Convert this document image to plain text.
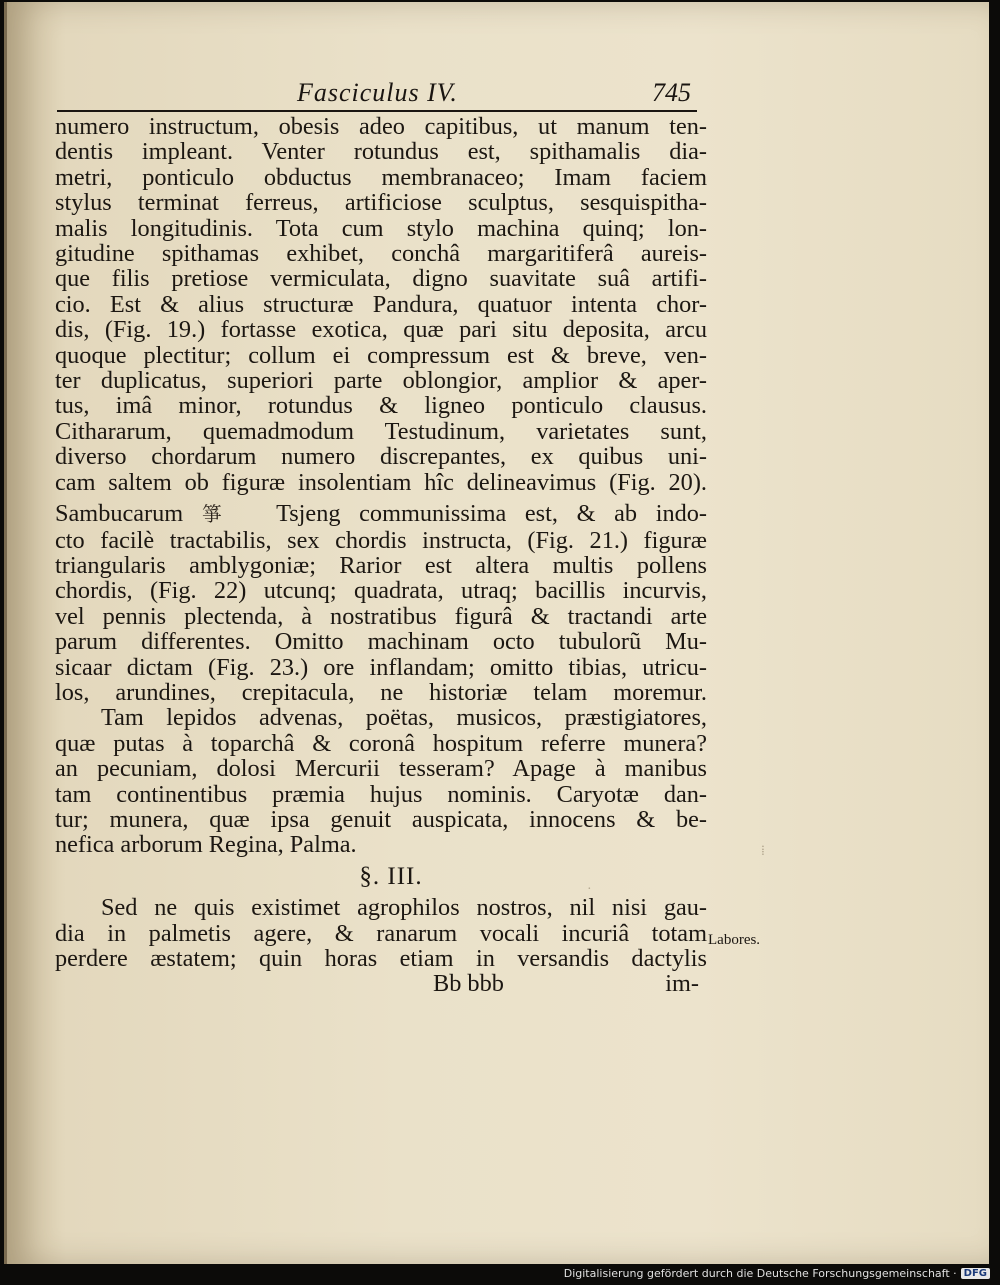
Fasciculus IV.	745
numero instructum, obesis adeo capitibus, ut manum ten-
dentis impleant. Venter rotundus est, spithamalis dia-
metri, ponticulo obductus membranaceo; Imam faciem
stylus terminat ferreus, artificiose sculptus, sesquispitha-
malis longitudinis. Tota cum stylo machina quinq; lon-
gitudine spithamas exhibet, conchâ margaritiferâ aureis-
que filis pretiose vermiculata, digno suavitate suâ artifi-
cio. Est & alius structuræ Pandura, quatuor intenta chor-
dis, (Fig. 19.) fortasse exotica, quæ pari situ deposita, arcu
quoque plectitur; collum ei compressum est & breve, ven-
ter duplicatus, superiori parte oblongior, amplior & aper-
tus, imâ minor, rotundus & ligneo ponticulo clausus.
Cithararum, quemadmodum Testudinum, varietates sunt,
diverso chordarum numero discrepantes, ex quibus uni-
cam saltem ob figuræ insolentiam hîc delineavimus (Fig. 20).
Sambucarum 箏 Tsjeng communissima est, & ab indo-
cto facilè tractabilis, sex chordis instructa, (Fig. 21.) figuræ
triangularis amblygoniæ; Rarior est altera multis pollens
chordis, (Fig. 22) utcunq; quadrata, utraq; bacillis incurvis,
vel pennis plectenda, à nostratibus figurâ & tractandi arte
parum differentes. Omitto machinam octo tubulorũ Mu-
sicaar dictam (Fig. 23.) ore inflandam; omitto tibias, utricu-
los, arundines, crepitacula, ne historiæ telam moremur.
Tam lepidos advenas, poëtas, musicos, præstigiatores,
quæ putas à toparchâ & coronâ hospitum referre munera?
an pecuniam, dolosi Mercurii tesseram? Apage à manibus
tam continentibus præmia hujus nominis. Caryotæ dan-
tur; munera, quæ ipsa genuit auspicata, innocens & be-
nefica arborum Regina, Palma.
§. III.
Sed ne quis existimet agrophilos nostros, nil nisi gau-
dia in palmetis agere, & ranarum vocali incuriâ totam
perdere æstatem; quin horas etiam in versandis dactylis
Bb bbb	im-
Labores.
⁞
·
Digitalisierung gefördert durch die Deutsche Forschungsgemeinschaft · DFG
